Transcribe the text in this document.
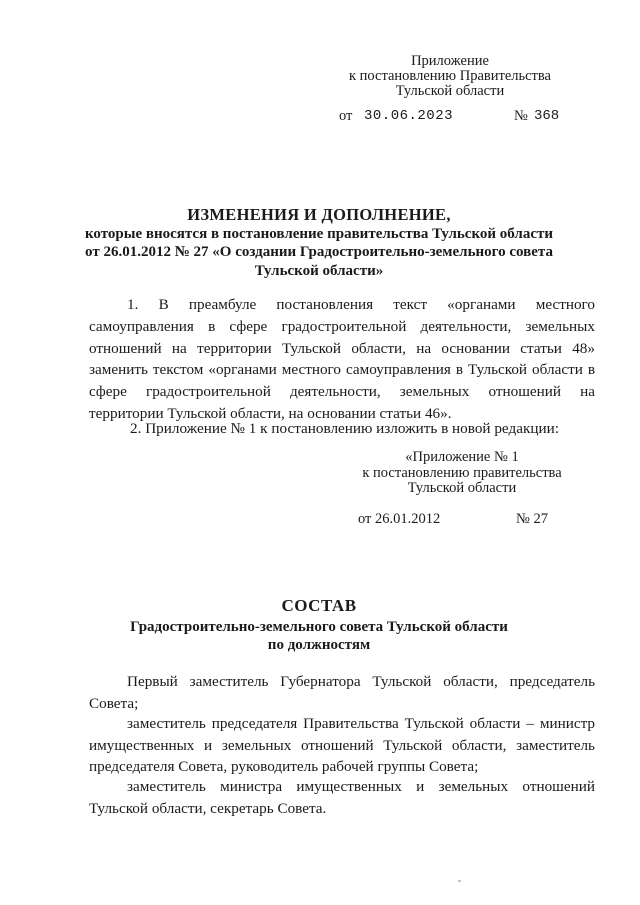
Приложение
к постановлению Правительства
Тульской области
от 30.06.2023	№ 368
ИЗМЕНЕНИЯ И ДОПОЛНЕНИЕ,
которые вносятся в постановление правительства Тульской области
от 26.01.2012 № 27 «О создании Градостроительно-земельного совета
Тульской области»
1. В преамбуле постановления текст «органами местного самоуправления в сфере градостроительной деятельности, земельных отношений на территории Тульской области, на основании статьи 48» заменить текстом «органами местного самоуправления в Тульской области в сфере градостроительной деятельности, земельных отношений на территории Тульской области, на основании статьи 46».
2. Приложение № 1 к постановлению изложить в новой редакции:
«Приложение № 1
к постановлению правительства
Тульской области
от 26.01.2012	№ 27
СОСТАВ
Градостроительно-земельного совета Тульской области
по должностям
Первый заместитель Губернатора Тульской области, председатель Совета;
заместитель председателя Правительства Тульской области – министр имущественных и земельных отношений Тульской области, заместитель председателя Совета, руководитель рабочей группы Совета;
заместитель министра имущественных и земельных отношений Тульской области, секретарь Совета.
